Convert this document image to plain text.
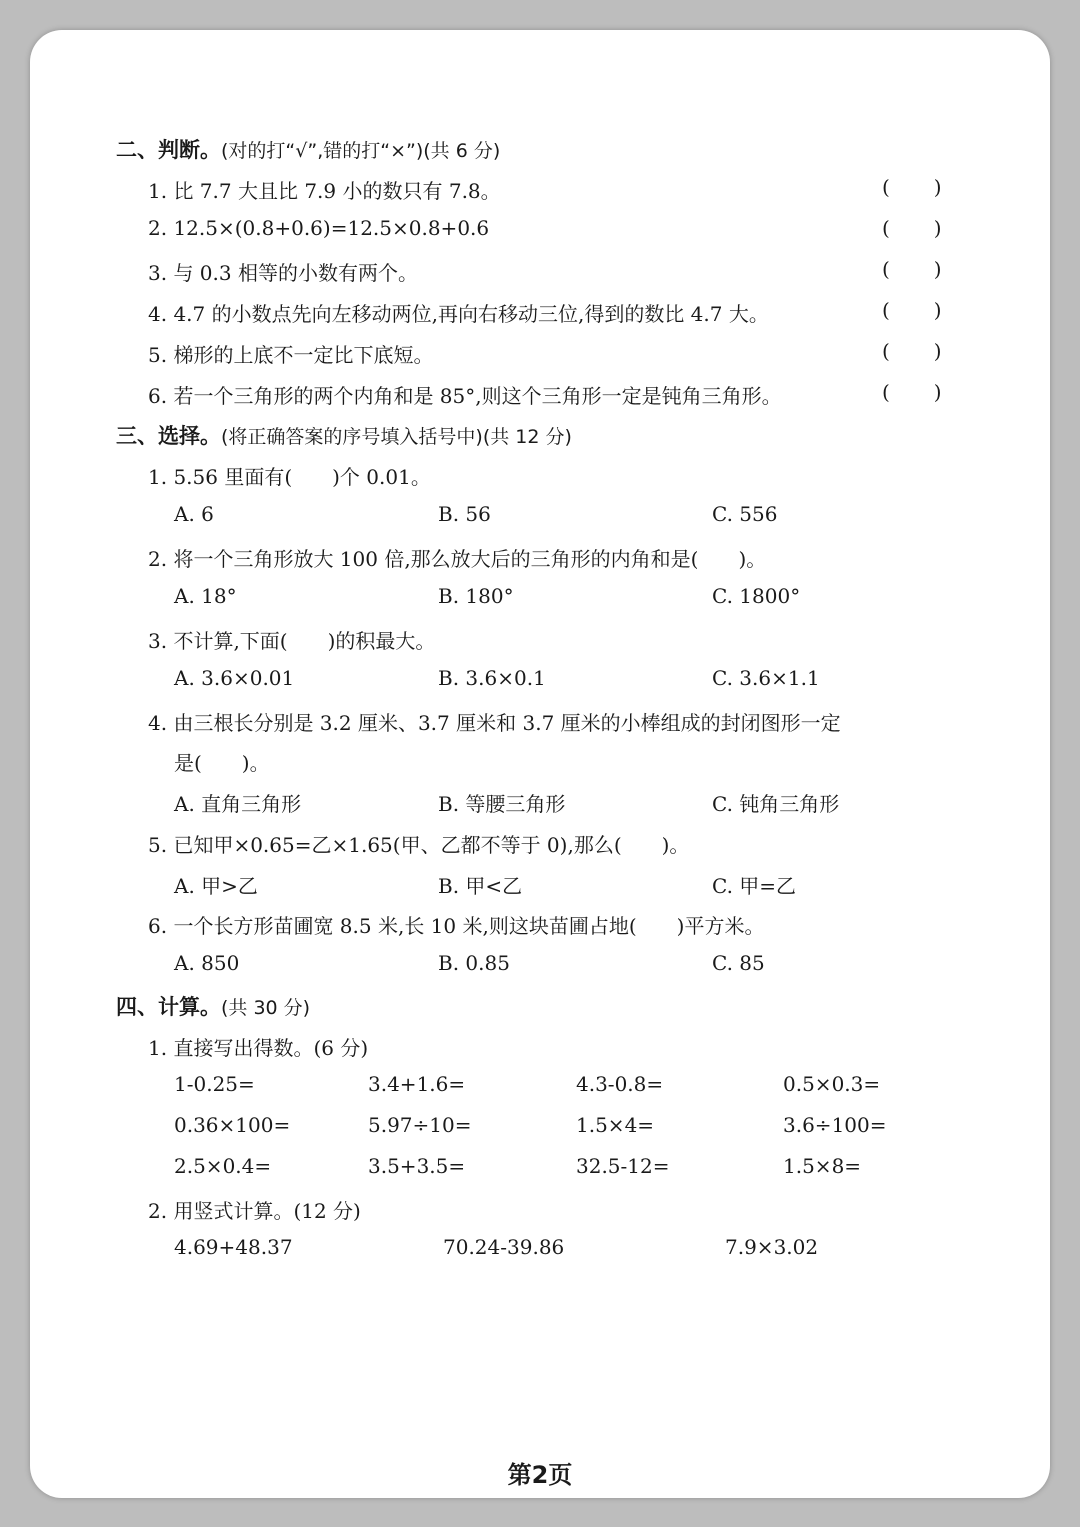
二、判断。(对的打“√”,错的打“×”)(共 6 分)
1. 比 7.7 大且比 7.9 小的数只有 7.8。	()
2. 12.5×(0.8+0.6)=12.5×0.8+0.6	()
3. 与 0.3 相等的小数有两个。	()
4. 4.7 的小数点先向左移动两位,再向右移动三位,得到的数比 4.7 大。	()
5. 梯形的上底不一定比下底短。	()
6. 若一个三角形的两个内角和是 85°,则这个三角形一定是钝角三角形。	()
三、选择。(将正确答案的序号填入括号中)(共 12 分)
1. 5.56 里面有(　　)个 0.01。
A. 6	B. 56	C. 556
2. 将一个三角形放大 100 倍,那么放大后的三角形的内角和是(　　)。
A. 18°	B. 180°	C. 1800°
3. 不计算,下面(　　)的积最大。
A. 3.6×0.01	B. 3.6×0.1	C. 3.6×1.1
4. 由三根长分别是 3.2 厘米、3.7 厘米和 3.7 厘米的小棒组成的封闭图形一定
是(　　)。
A. 直角三角形	B. 等腰三角形	C. 钝角三角形
5. 已知甲×0.65=乙×1.65(甲、乙都不等于 0),那么(　　)。
A. 甲>乙	B. 甲<乙	C. 甲=乙
6. 一个长方形苗圃宽 8.5 米,长 10 米,则这块苗圃占地(　　)平方米。
A. 850	B. 0.85	C. 85
四、计算。(共 30 分)
1. 直接写出得数。(6 分)
1-0.25=	3.4+1.6=	4.3-0.8=	0.5×0.3=
0.36×100=	5.97÷10=	1.5×4=	3.6÷100=
2.5×0.4=	3.5+3.5=	32.5-12=	1.5×8=
2. 用竖式计算。(12 分)
4.69+48.37	70.24-39.86	7.9×3.02
第2页
